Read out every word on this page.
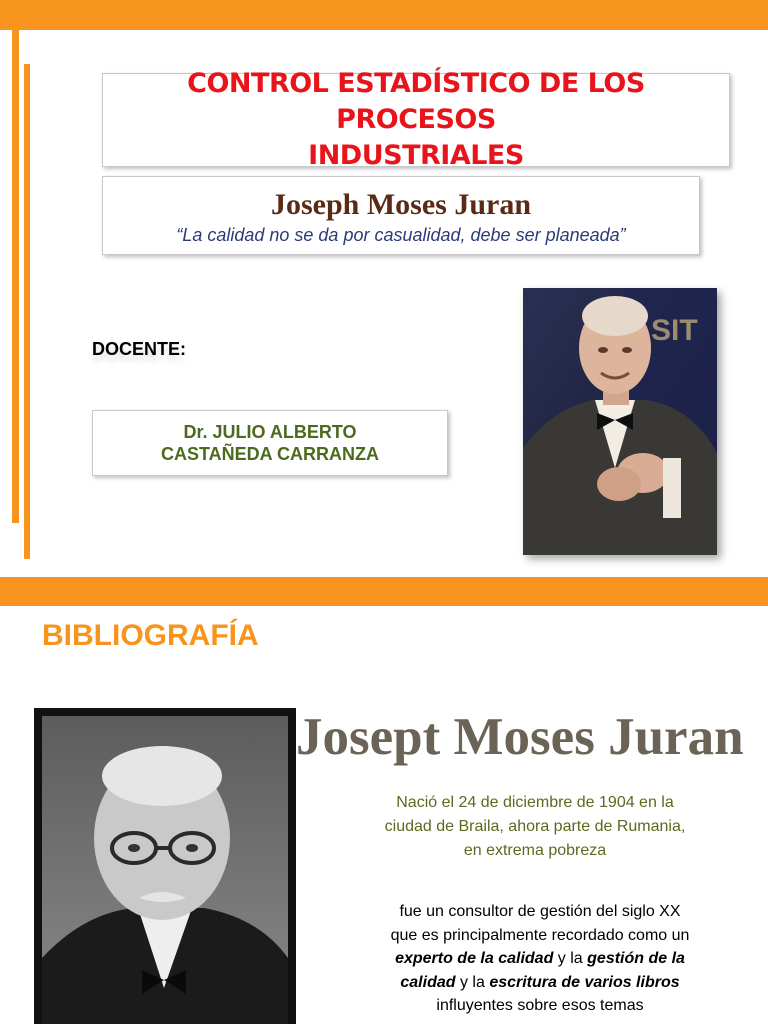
CONTROL ESTADÍSTICO DE LOS PROCESOS
INDUSTRIALES
Joseph Moses Juran
“La calidad no se da por casualidad, debe ser planeada”
DOCENTE:
Dr. JULIO ALBERTO
CASTAÑEDA CARRANZA
SIT
BIBLIOGRAFÍA
Josept Moses Juran
Nació el 24 de diciembre de 1904 en la
ciudad de Braila, ahora parte de Rumania,
en extrema pobreza
fue un consultor de gestión del siglo XX
que es principalmente recordado como un
experto de la calidad y la gestión de la
calidad y la escritura de varios libros
influyentes sobre esos temas
